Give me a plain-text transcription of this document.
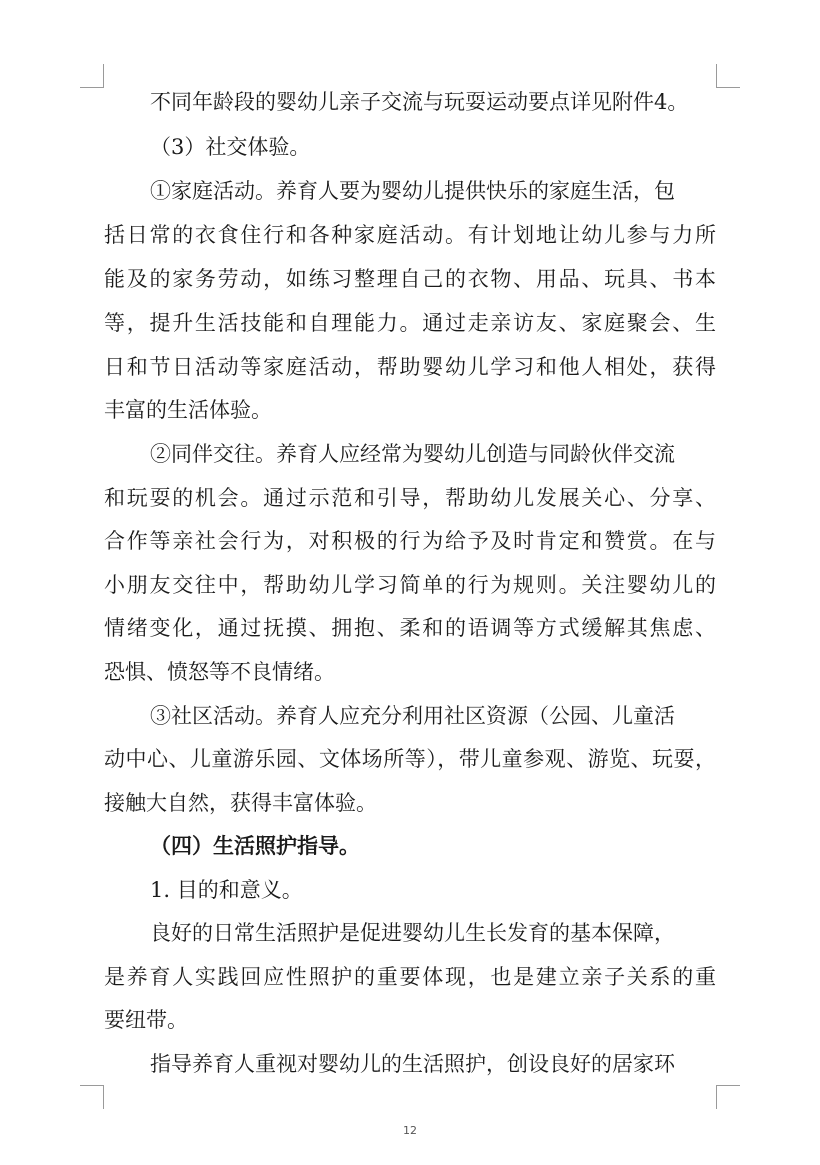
不同年龄段的婴幼儿亲子交流与玩耍运动要点详见附件4。
（3）社交体验。
①家庭活动。养育人要为婴幼儿提供快乐的家庭生活，包
括日常的衣食住行和各种家庭活动。有计划地让幼儿参与力所
能及的家务劳动，如练习整理自己的衣物、用品、玩具、书本
等，提升生活技能和自理能力。通过走亲访友、家庭聚会、生
日和节日活动等家庭活动，帮助婴幼儿学习和他人相处，获得
丰富的生活体验。
②同伴交往。养育人应经常为婴幼儿创造与同龄伙伴交流
和玩耍的机会。通过示范和引导，帮助幼儿发展关心、分享、
合作等亲社会行为，对积极的行为给予及时肯定和赞赏。在与
小朋友交往中，帮助幼儿学习简单的行为规则。关注婴幼儿的
情绪变化，通过抚摸、拥抱、柔和的语调等方式缓解其焦虑、
恐惧、愤怒等不良情绪。
③社区活动。养育人应充分利用社区资源（公园、儿童活
动中心、儿童游乐园、文体场所等），带儿童参观、游览、玩耍，
接触大自然，获得丰富体验。
（四）生活照护指导。
1. 目的和意义。
良好的日常生活照护是促进婴幼儿生长发育的基本保障，
是养育人实践回应性照护的重要体现，也是建立亲子关系的重
要纽带。
指导养育人重视对婴幼儿的生活照护，创设良好的居家环
12
